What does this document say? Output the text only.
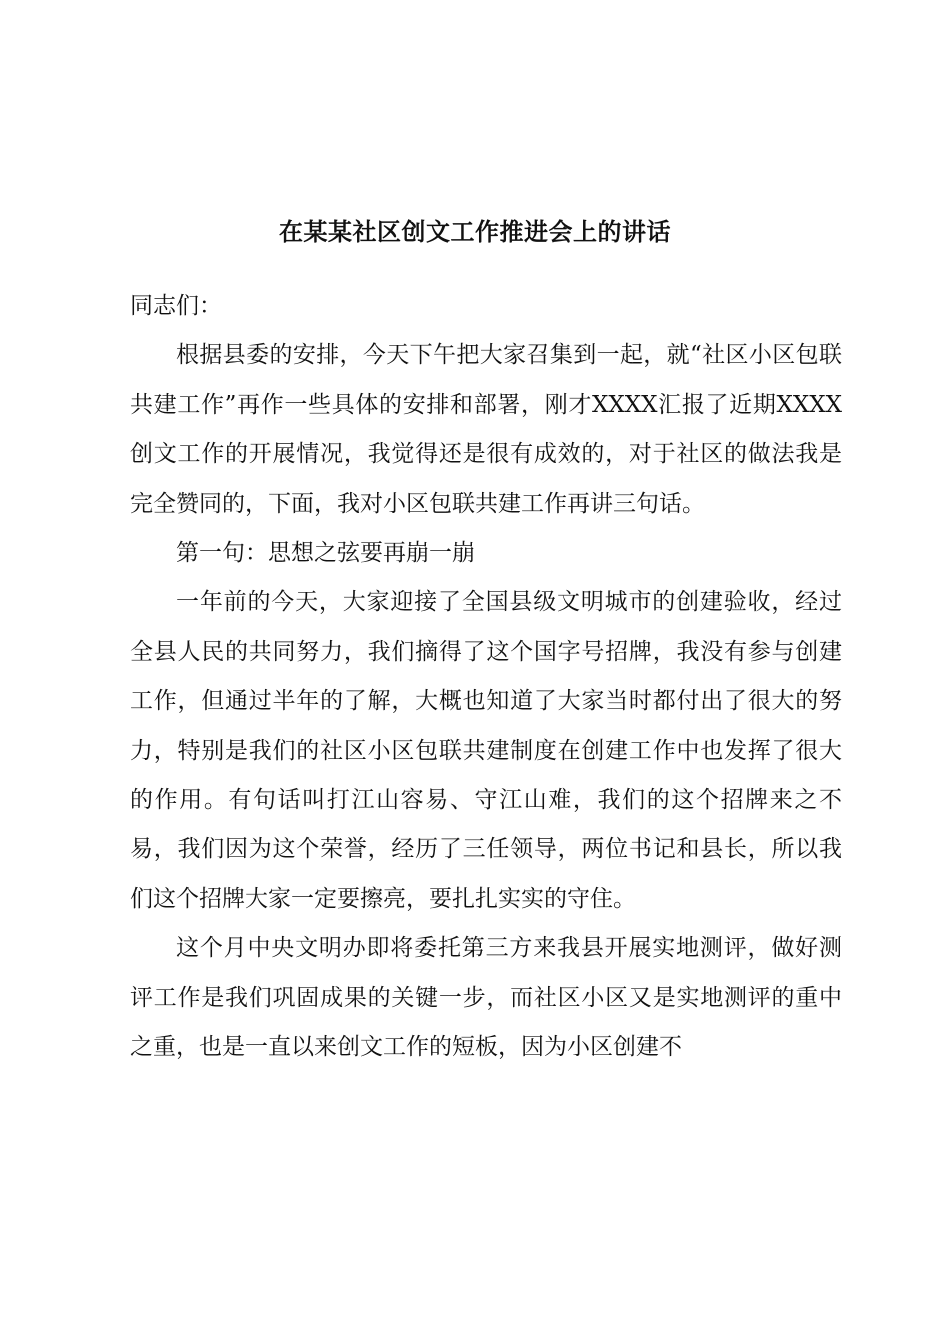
在某某社区创文工作推进会上的讲话

同志们：

根据县委的安排，今天下午把大家召集到一起，就“社区小区包联共建工作”再作一些具体的安排和部署，刚才XXXX汇报了近期XXXX创文工作的开展情况，我觉得还是很有成效的，对于社区的做法我是完全赞同的，下面，我对小区包联共建工作再讲三句话。

第一句：思想之弦要再崩一崩

一年前的今天，大家迎接了全国县级文明城市的创建验收，经过全县人民的共同努力，我们摘得了这个国字号招牌，我没有参与创建工作，但通过半年的了解，大概也知道了大家当时都付出了很大的努力，特别是我们的社区小区包联共建制度在创建工作中也发挥了很大的作用。有句话叫打江山容易、守江山难，我们的这个招牌来之不易，我们因为这个荣誉，经历了三任领导，两位书记和县长，所以我们这个招牌大家一定要擦亮，要扎扎实实的守住。

这个月中央文明办即将委托第三方来我县开展实地测评，做好测评工作是我们巩固成果的关键一步，而社区小区又是实地测评的重中之重，也是一直以来创文工作的短板，因为小区创建不
